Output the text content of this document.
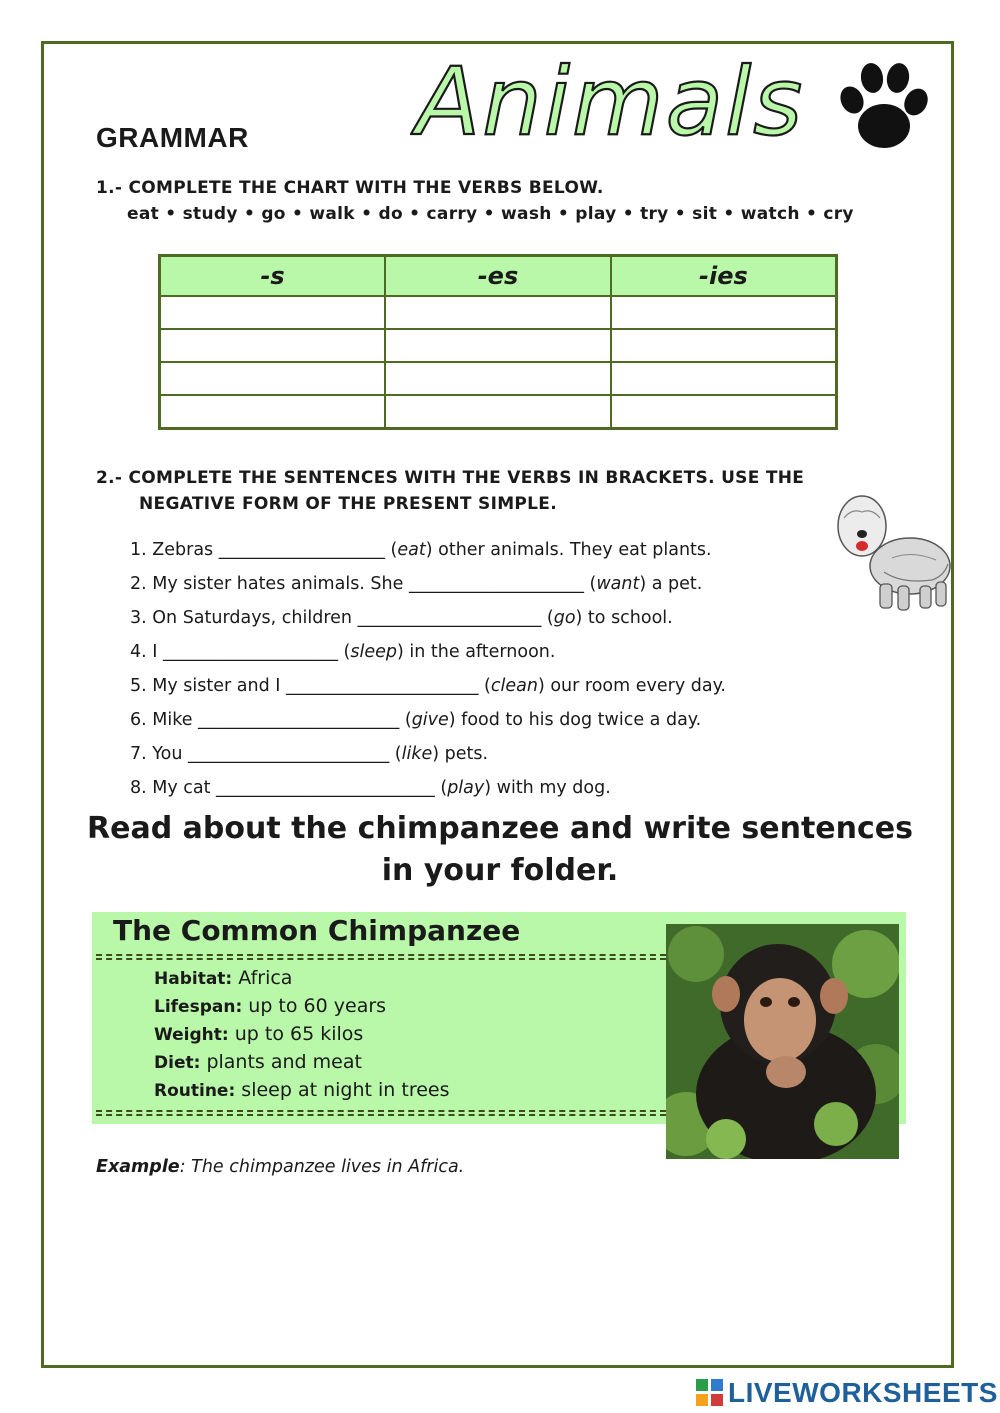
Animals
GRAMMAR
1.- COMPLETE THE CHART WITH THE VERBS BELOW.
eat • study • go • walk • do • carry • wash • play • try • sit • watch • cry
-s	-es	-ies

2.- COMPLETE THE SENTENCES WITH THE VERBS IN BRACKETS. USE THE
NEGATIVE FORM OF THE PRESENT SIMPLE.
1. Zebras ___________________ (eat) other animals. They eat plants.
2. My sister hates animals. She ____________________ (want) a pet.
3. On Saturdays, children _____________________ (go) to school.
4. I ____________________ (sleep) in the afternoon.
5. My sister and I ______________________ (clean) our room every day.
6. Mike _______________________ (give) food to his dog twice a day.
7. You _______________________ (like) pets.
8. My cat _________________________ (play) with my dog.
Read about the chimpanzee and write sentences
in your folder.
The Common Chimpanzee
Habitat: Africa
Lifespan: up to 60 years
Weight: up to 65 kilos
Diet: plants and meat
Routine: sleep at night in trees
Example: The chimpanzee lives in Africa.
LIVEWORKSHEETS
